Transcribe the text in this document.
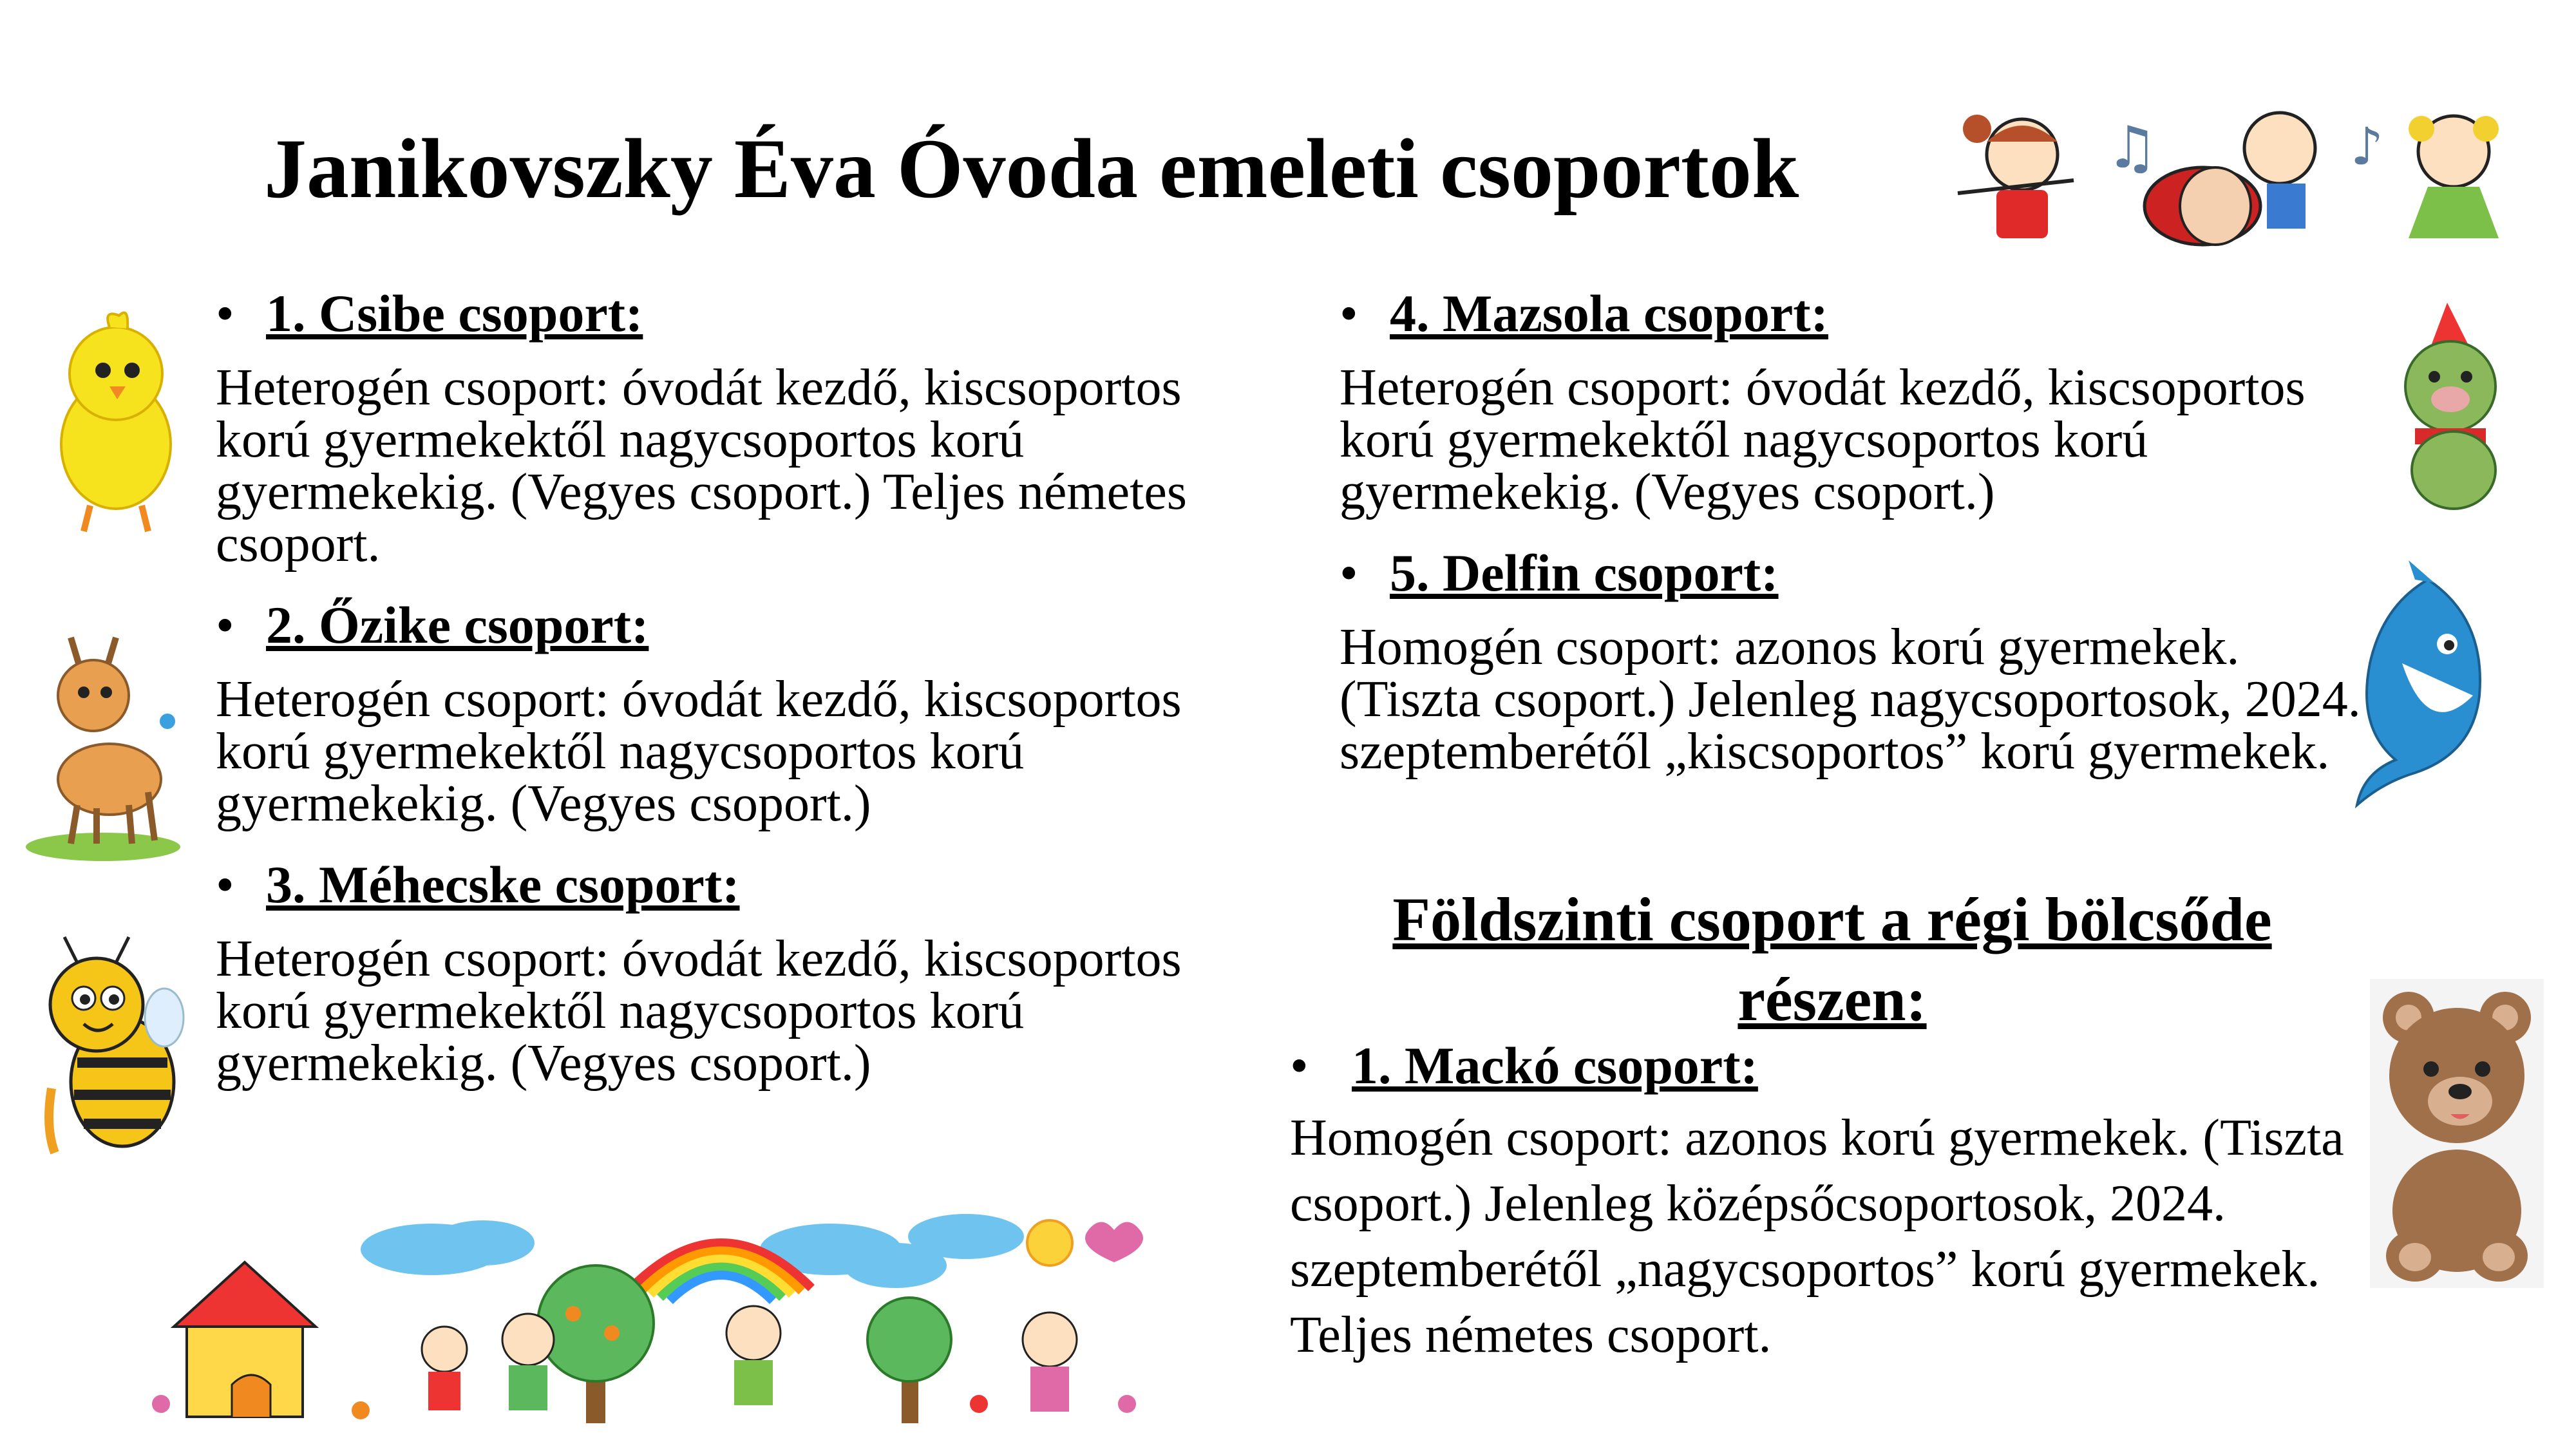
Janikovszky Éva Óvoda emeleti csoportok	♫	♪
• 1. Csibe csoport:
Heterogén csoport: óvodát kezdő, kiscsoportos korú gyermekektől nagycsoportos korú gyermekekig. (Vegyes csoport.) Teljes németes csoport.
• 2. Őzike csoport:
Heterogén csoport: óvodát kezdő, kiscsoportos korú gyermekektől nagycsoportos korú gyermekekig. (Vegyes csoport.)
• 3. Méhecske csoport:
Heterogén csoport: óvodát kezdő, kiscsoportos korú gyermekektől nagycsoportos korú gyermekekig. (Vegyes csoport.)
• 4. Mazsola csoport:
Heterogén csoport: óvodát kezdő, kiscsoportos korú gyermekektől nagycsoportos korú gyermekekig. (Vegyes csoport.)
• 5. Delfin csoport:
Homogén csoport: azonos korú gyermekek. (Tiszta csoport.) Jelenleg nagycsoportosok, 2024. szeptemberétől „kiscsoportos” korú gyermekek.
Földszinti csoport a régi bölcsőde részen:
• 1. Mackó csoport:
Homogén csoport: azonos korú gyermekek. (Tiszta csoport.) Jelenleg középsőcsoportosok, 2024. szeptemberétől „nagycsoportos” korú gyermekek. Teljes németes csoport.
